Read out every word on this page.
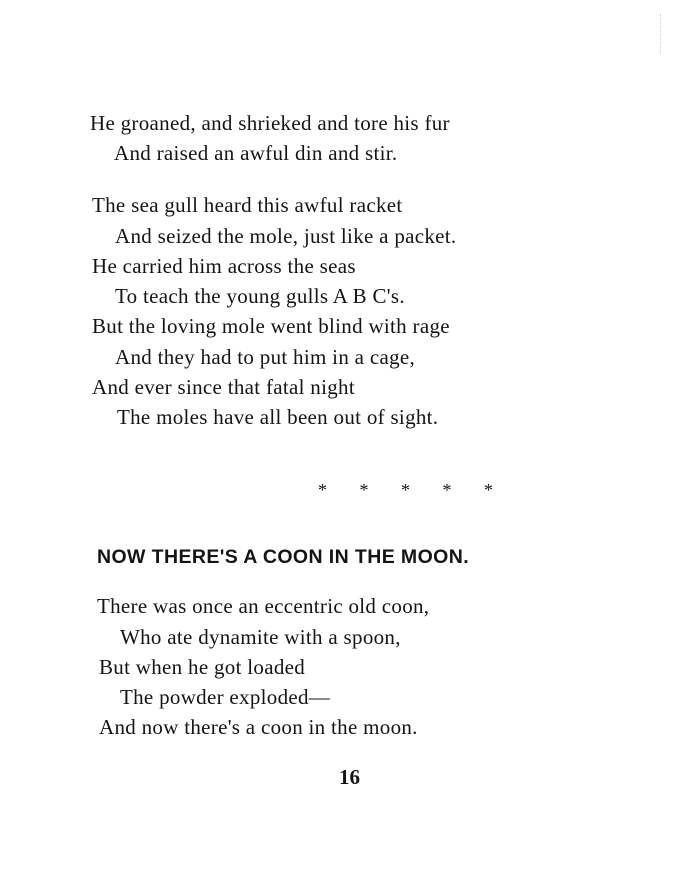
He groaned, and shrieked and tore his fur
And raised an awful din and stir.
The sea gull heard this awful racket
And seized the mole, just like a packet.
He carried him across the seas
To teach the young gulls A B C's.
But the loving mole went blind with rage
And they had to put him in a cage,
And ever since that fatal night
The moles have all been out of sight.
* * * * *
NOW THERE'S A COON IN THE MOON.
There was once an eccentric old coon,
Who ate dynamite with a spoon,
But when he got loaded
The powder exploded—
And now there's a coon in the moon.
16
